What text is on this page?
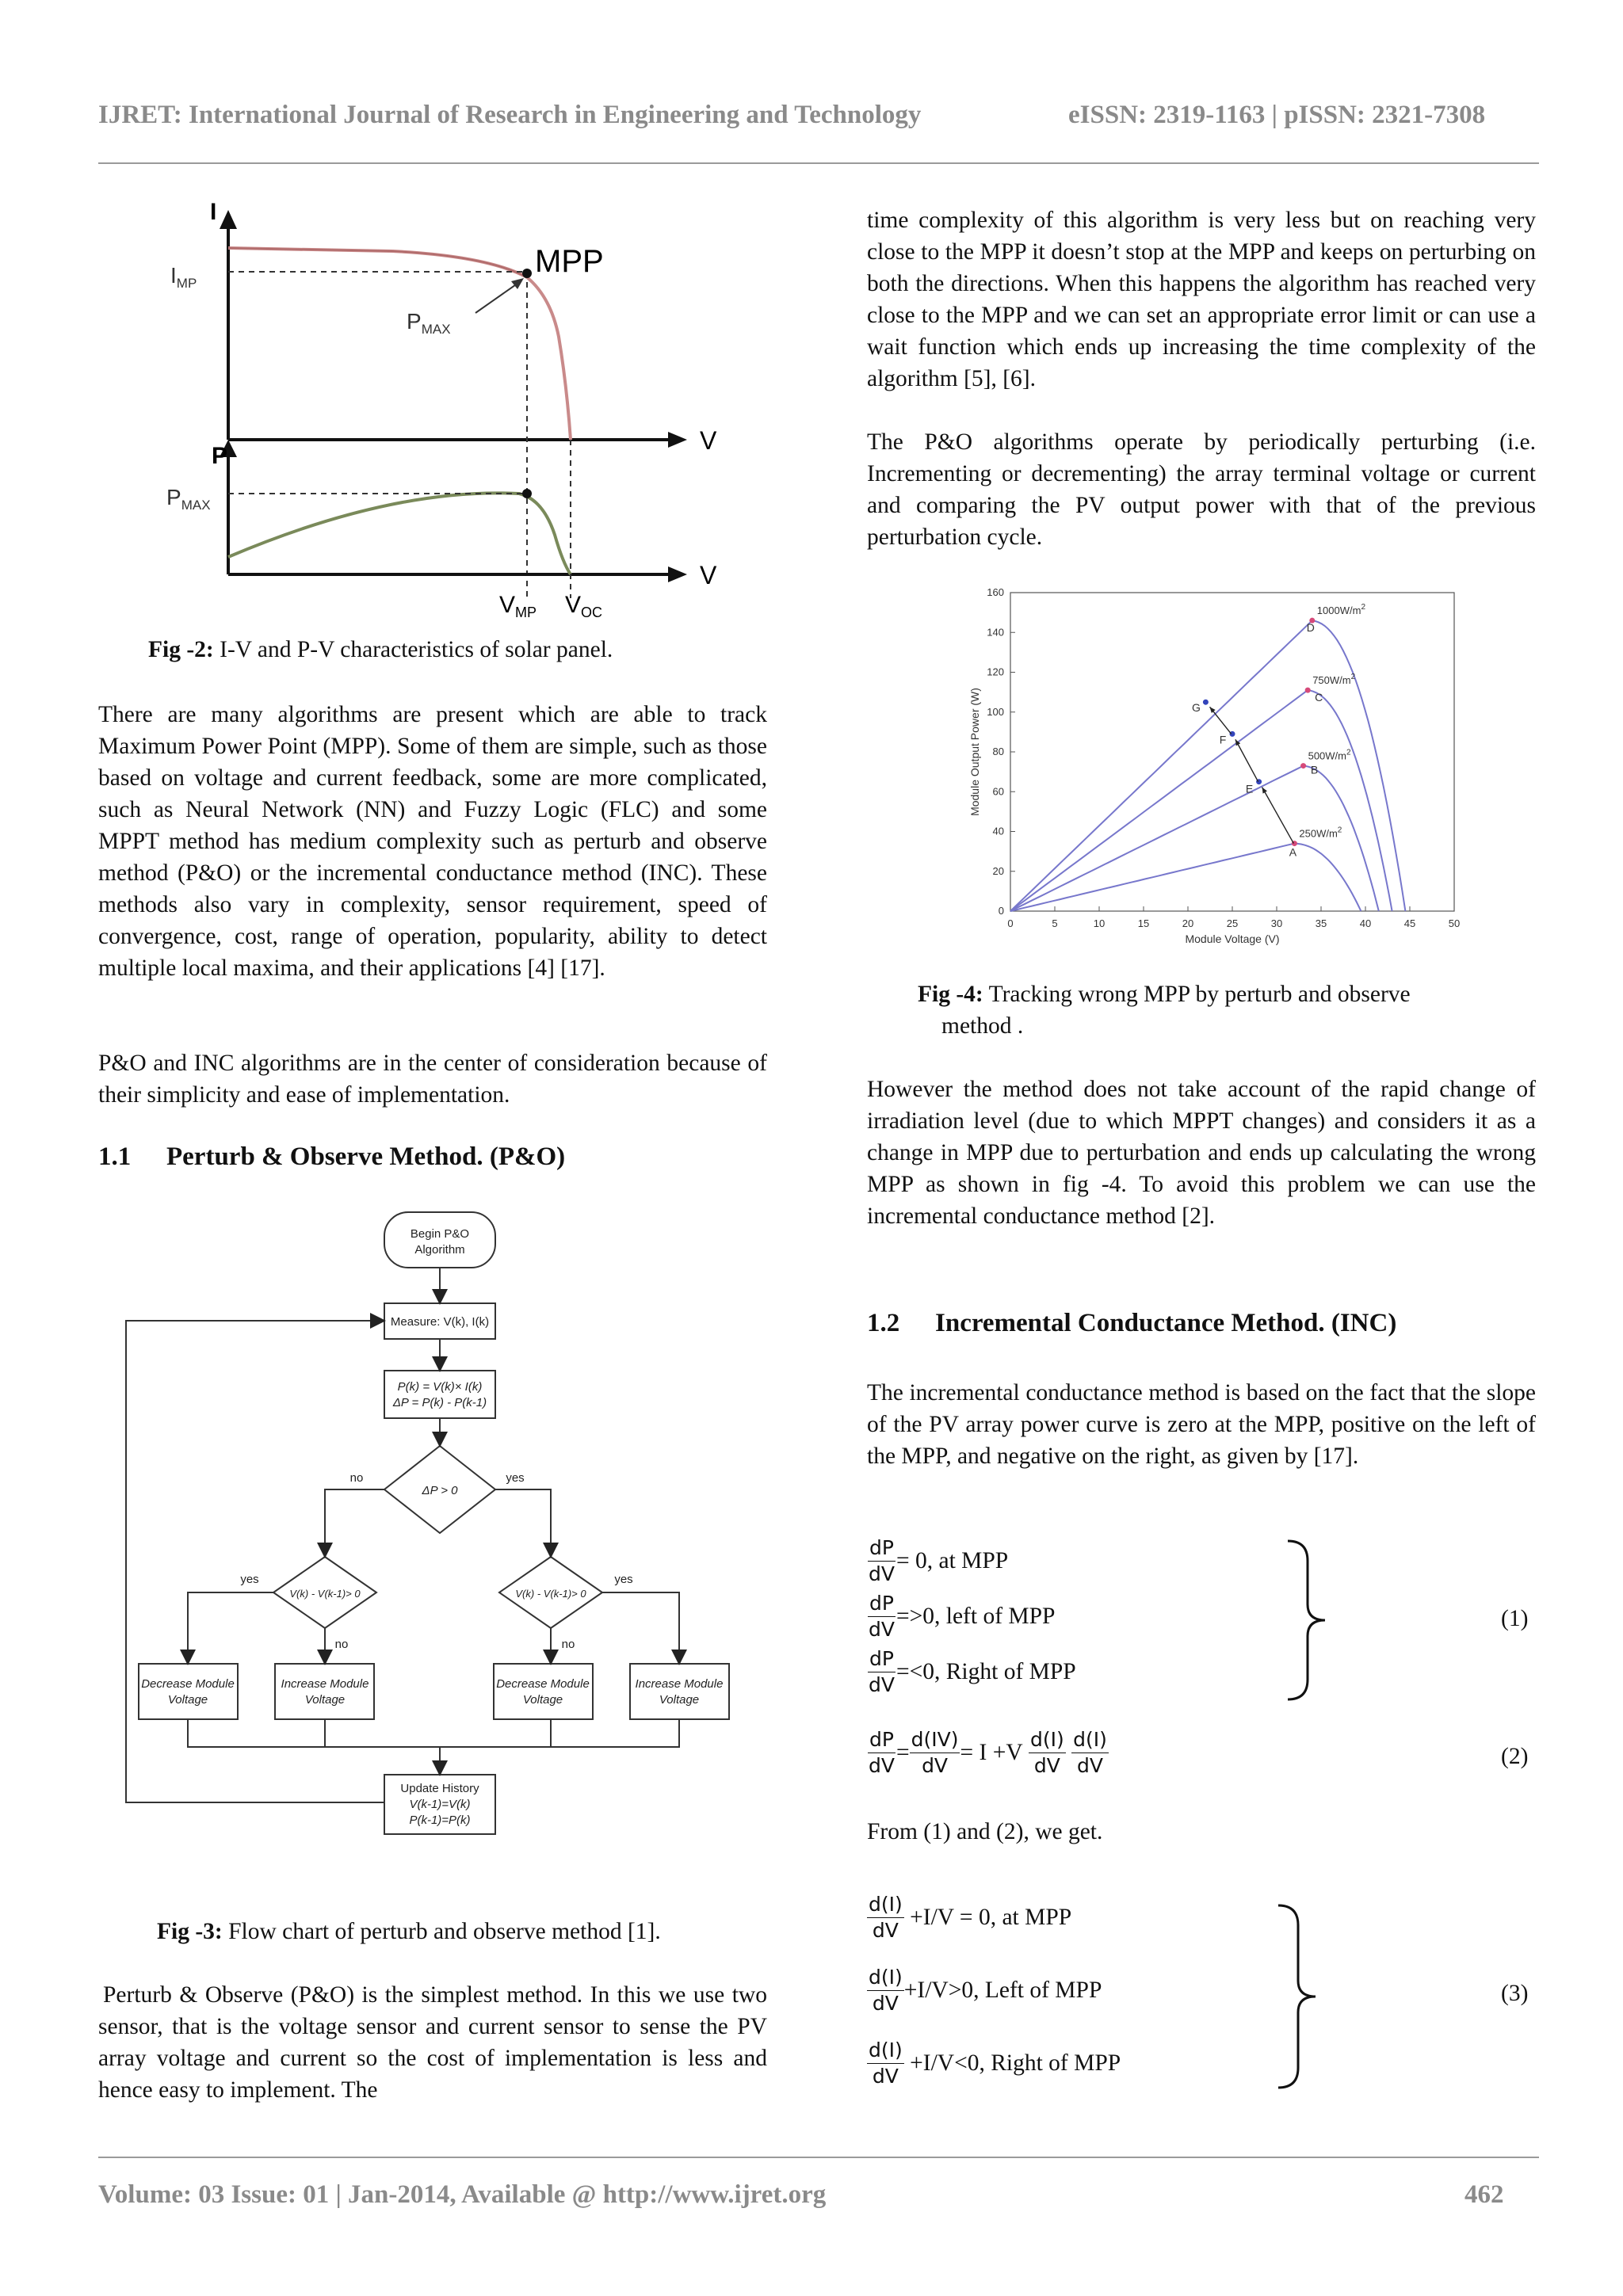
IJRET: International Journal of Research in Engineering and Technology	eISSN: 2319-1163 | pISSN: 2321-7308
I
$I_{MP}$
MPP
$P_{MAX}$
V
P
$P_{MAX}$
V
$V_{MP}$ $V_{OC}$
Fig -2: I-V and P-V characteristics of solar panel.

There are many algorithms are present which are able to track Maximum Power Point (MPP). Some of them are simple, such as those based on voltage and current feedback, some are more complicated, such as Neural Network (NN) and Fuzzy Logic (FLC) and some MPPT method has medium complexity such as perturb and observe method (P&O) or the incremental conductance method (INC). These methods also vary in complexity, sensor requirement, speed of convergence, cost, range of operation, popularity, ability to detect multiple local maxima, and their applications [4] [17].

P&O and INC algorithms are in the center of consideration because of their simplicity and ease of implementation.

1.1 Perturb & Observe Method. (P&O)
Begin P&O
Algorithm
Measure: V(k), I(k)
P(k) = V(k)× I(k)
ΔP = P(k) - P(k-1)
ΔP > 0
V(k) - V(k-1)> 0	V(k) - V(k-1)> 0
Decrease Module
Voltage
Increase Module
Voltage
Decrease Module
Voltage
Increase Module
Voltage
Update History
V(k-1)=V(k)
P(k-1)=P(k)
no	yes
yes
no	no
yes
Fig -3: Flow chart of perturb and observe method [1].

Perturb & Observe (P&O) is the simplest method. In this we use two sensor, that is the voltage sensor and current sensor to sense the PV array voltage and current so the cost of implementation is less and hence easy to implement. The

time complexity of this algorithm is very less but on reaching very close to the MPP it doesn’t stop at the MPP and keeps on perturbing on both the directions. When this happens the algorithm has reached very close to the MPP and we can set an appropriate error limit or can use a wait function which ends up increasing the time complexity of the algorithm [5], [6].

The P&O algorithms operate by periodically perturbing (i.e. Incrementing or decrementing) the array terminal voltage or current and comparing the PV output power with that of the previous perturbation cycle.

0	5	10	15	20	25	30	35	40	45	50
0
20
40
60
80
100
120
140
160
Module Voltage (V)
Module Output Power (W)
$1000W/m^2$
$750W/m^2$
$500W/m^2$
$250W/m^2$
A
B
C
D
E
F
G
Fig -4: Tracking wrong MPP by perturb and observe
method .

However the method does not take account of the rapid change of irradiation level (due to which MPPT changes) and considers it as a change in MPP due to perturbation and ends up calculating the wrong MPP as shown in fig -4. To avoid this problem we can use the incremental conductance method [2].

1.2 Incremental Conductance Method. (INC)

The incremental conductance method is based on the fact that the slope of the PV array power curve is zero at the MPP, positive on the left of the MPP, and negative on the right, as given by [17].

$\frac{dP}{dV} = 0$, at MPP
$\frac{dP}{dV} =>0$, left of MPP
$\frac{dP}{dV} =<0$, Right of MPP
(1)
$\frac{dP}{dV} = \frac{d(IV)}{dV} = I +V \frac{d(I)}{dV}$
$\frac{d(I)}{dV}$	(2)
From (1) and (2), we get.
$\frac{d(I)}{dV} +I/V = 0$, at MPP
$\frac{d(I)}{dV} +I/V>0$, Left of MPP
$\frac{d(I)}{dV} +I/V<0$, Right of MPP
(3)
Volume: 03 Issue: 01 | Jan-2014, Available @ http://www.ijret.org	462
